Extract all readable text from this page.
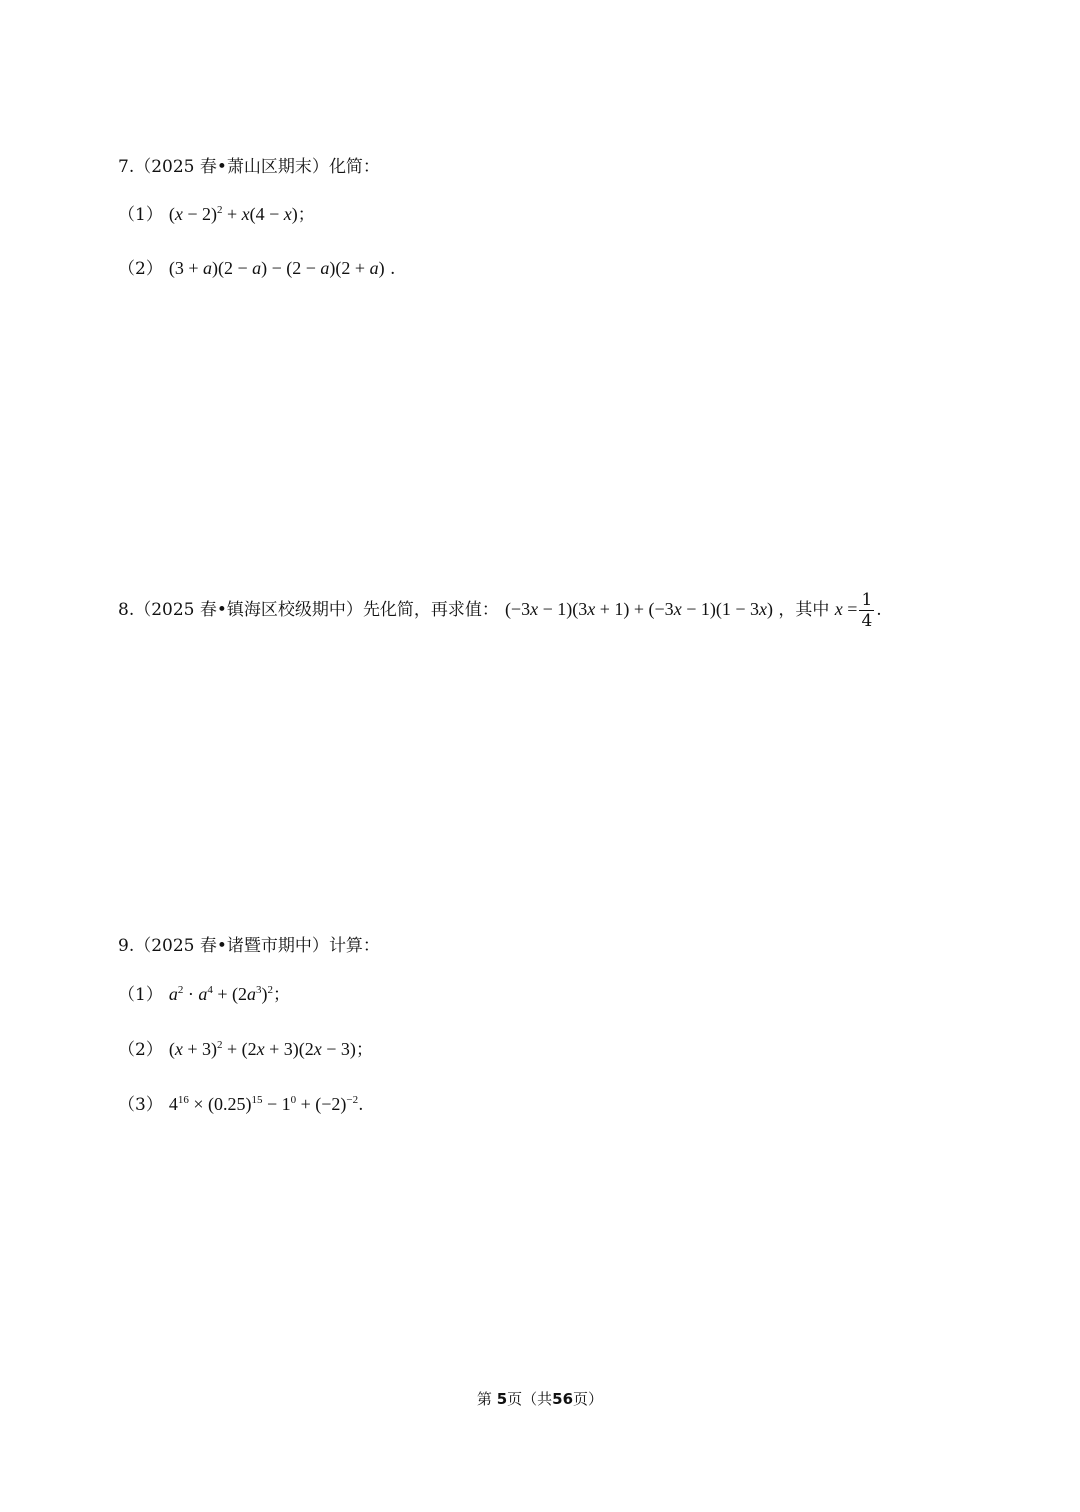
7.（2025 春•萧山区期末）化简：
（1） $(x - 2)^2 + x(4 - x)$；
（2） (3 + a)(2 − a) − (2 − a)(2 + a) .
8.（2025 春•镇海区校级期中）先化简，再求值： (−3x − 1)(3x + 1) + (−3x − 1)(1 − 3x) ，其中 $x = \frac{1}{4}$ .
9.（2025 春•诸暨市期中）计算：
（1） $a^2 \cdot a^4 + (2a^3)^2$；
（2） $(x + 3)^2 + (2x + 3)(2x - 3)$；
（3） $4^{16} \times (0.25)^{15} - 1^0 + (-2)^{-2}$.
第 5页（共56页）
